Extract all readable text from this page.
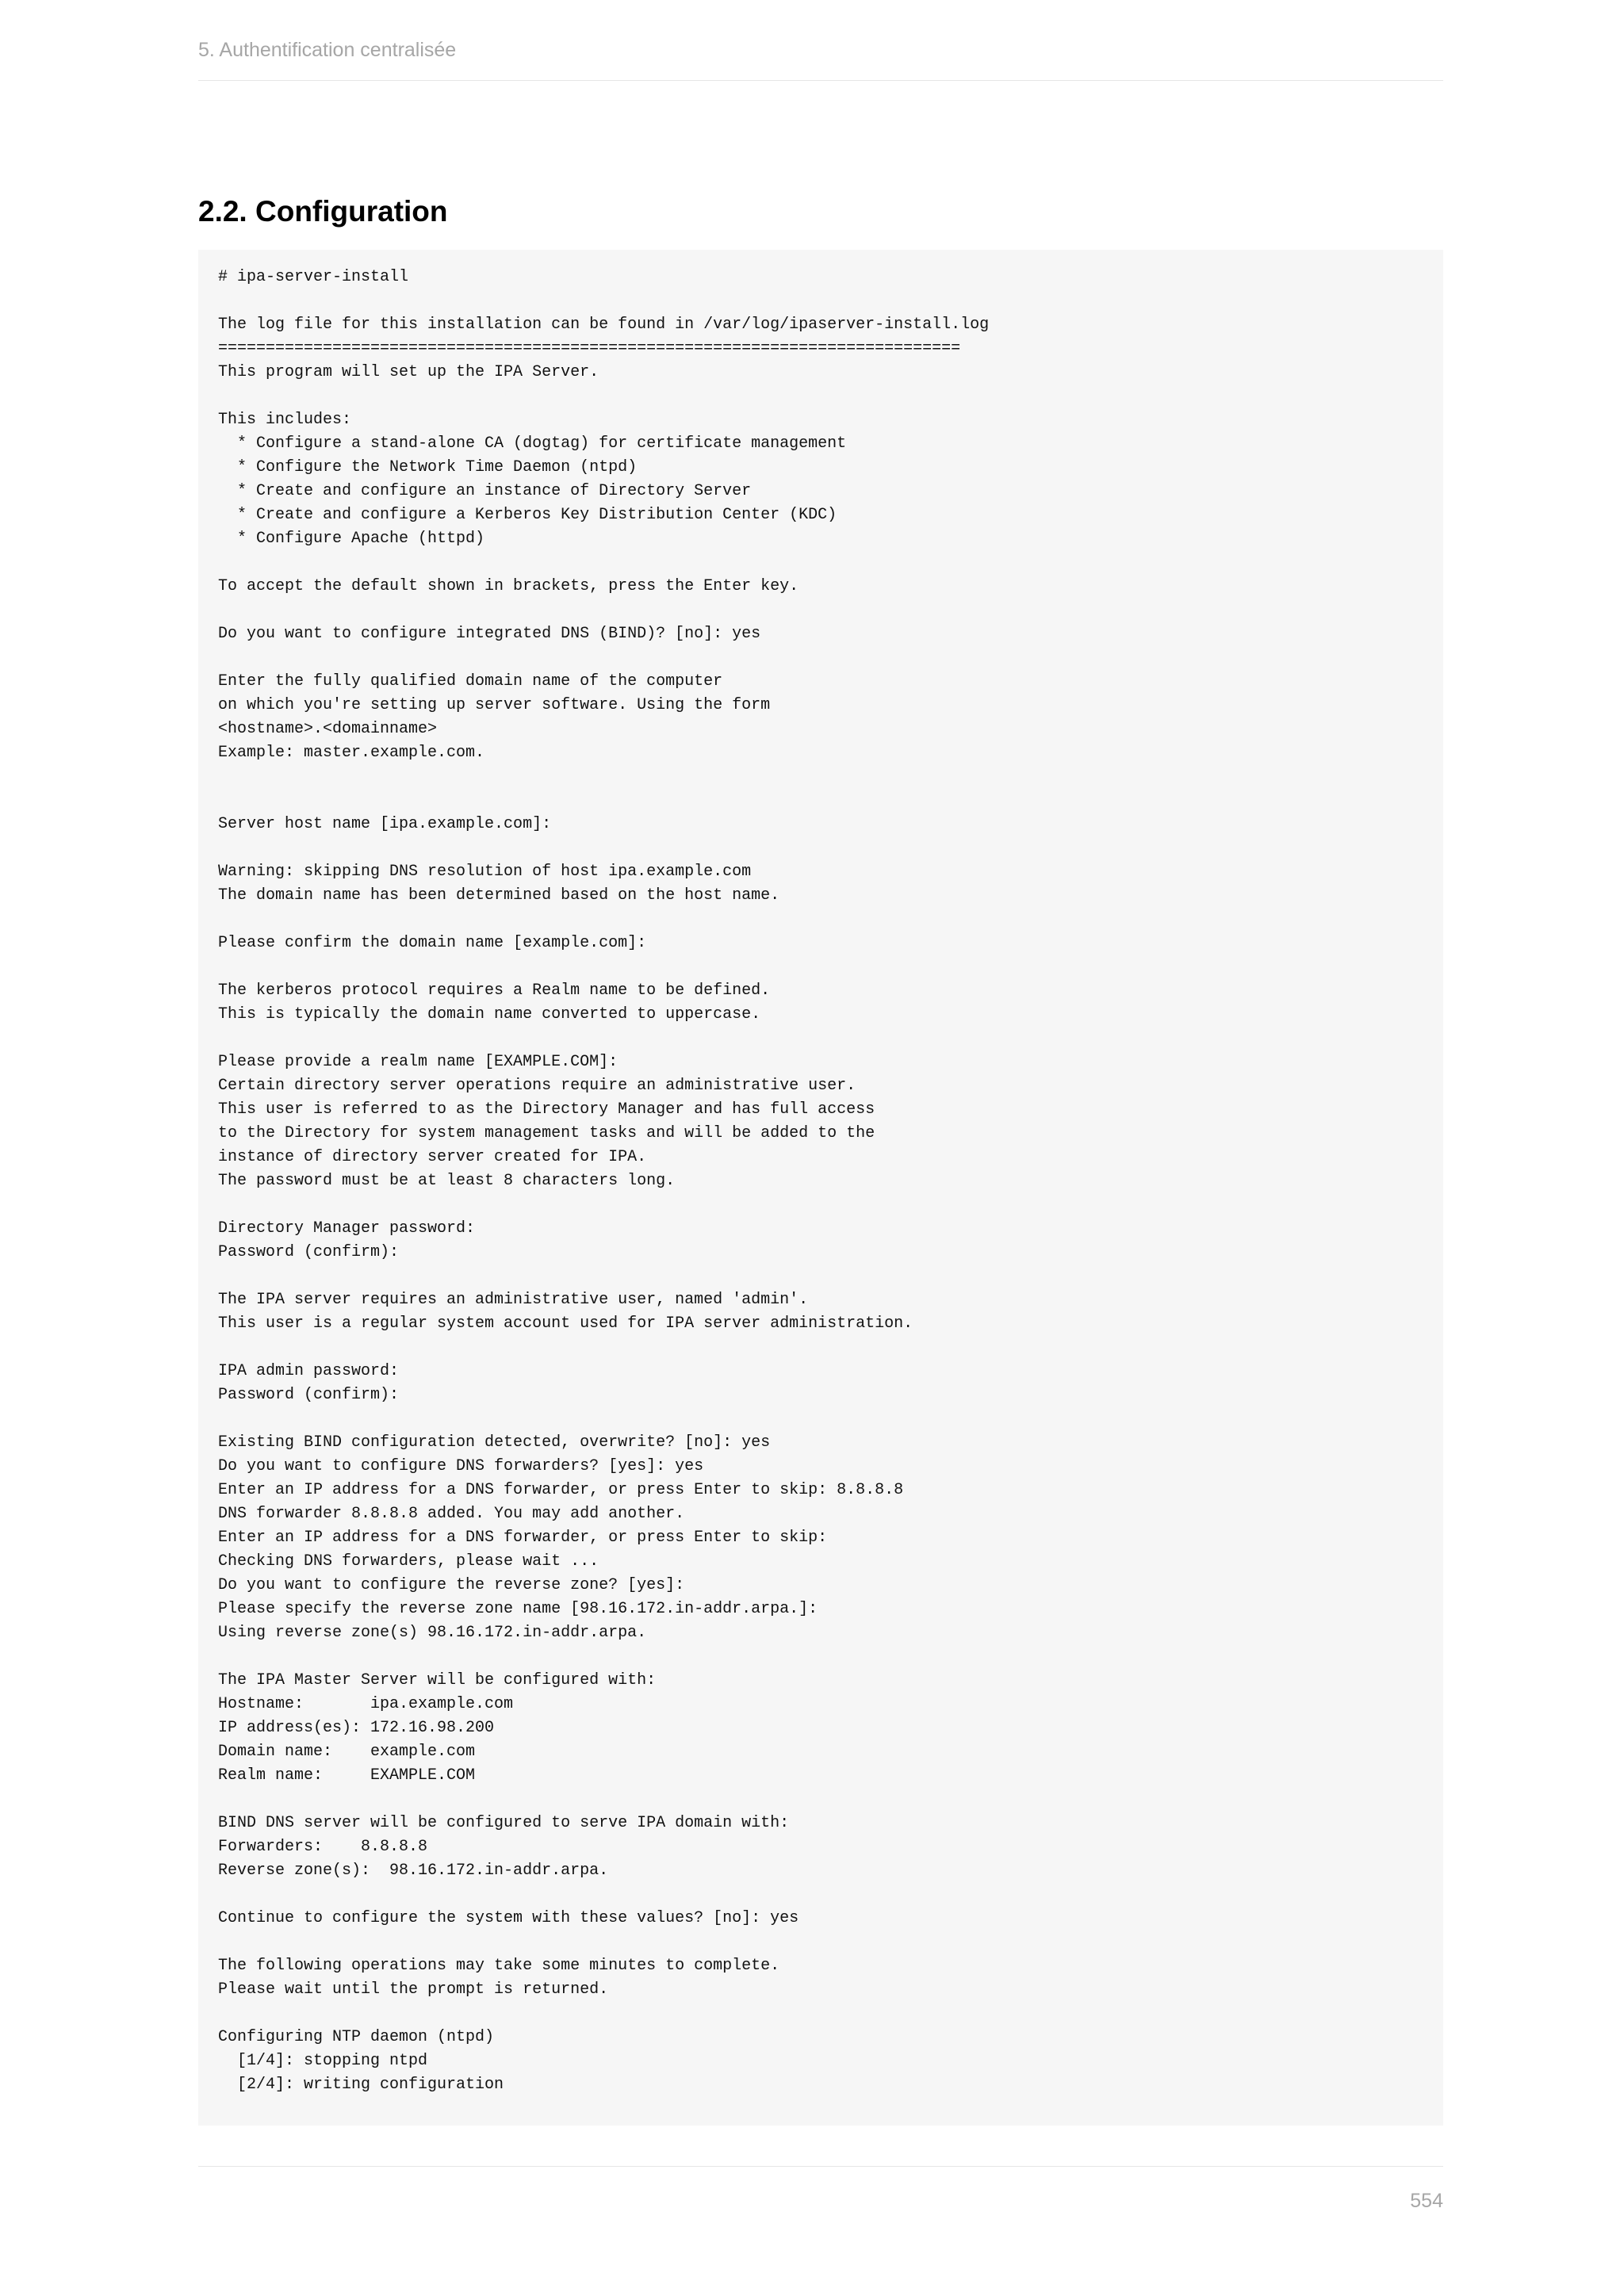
5. Authentification centralisée
2.2. Configuration
# ipa-server-install

The log file for this installation can be found in /var/log/ipaserver-install.log
==============================================================================
This program will set up the IPA Server.

This includes:
* Configure a stand-alone CA (dogtag) for certificate management
* Configure the Network Time Daemon (ntpd)
* Create and configure an instance of Directory Server
* Create and configure a Kerberos Key Distribution Center (KDC)
* Configure Apache (httpd)

To accept the default shown in brackets, press the Enter key.

Do you want to configure integrated DNS (BIND)? [no]: yes

Enter the fully qualified domain name of the computer
on which you're setting up server software. Using the form
<hostname>.<domainname>
Example: master.example.com.

Server host name [ipa.example.com]:

Warning: skipping DNS resolution of host ipa.example.com
The domain name has been determined based on the host name.

Please confirm the domain name [example.com]:

The kerberos protocol requires a Realm name to be defined.
This is typically the domain name converted to uppercase.

Please provide a realm name [EXAMPLE.COM]:
Certain directory server operations require an administrative user.
This user is referred to as the Directory Manager and has full access
to the Directory for system management tasks and will be added to the
instance of directory server created for IPA.
The password must be at least 8 characters long.

Directory Manager password:
Password (confirm):

The IPA server requires an administrative user, named 'admin'.
This user is a regular system account used for IPA server administration.

IPA admin password:
Password (confirm):

Existing BIND configuration detected, overwrite? [no]: yes
Do you want to configure DNS forwarders? [yes]: yes
Enter an IP address for a DNS forwarder, or press Enter to skip: 8.8.8.8
DNS forwarder 8.8.8.8 added. You may add another.
Enter an IP address for a DNS forwarder, or press Enter to skip:
Checking DNS forwarders, please wait ...
Do you want to configure the reverse zone? [yes]:
Please specify the reverse zone name [98.16.172.in-addr.arpa.]:
Using reverse zone(s) 98.16.172.in-addr.arpa.

The IPA Master Server will be configured with:
Hostname:       ipa.example.com
IP address(es): 172.16.98.200
Domain name:    example.com
Realm name:     EXAMPLE.COM

BIND DNS server will be configured to serve IPA domain with:
Forwarders:    8.8.8.8
Reverse zone(s):  98.16.172.in-addr.arpa.

Continue to configure the system with these values? [no]: yes

The following operations may take some minutes to complete.
Please wait until the prompt is returned.

Configuring NTP daemon (ntpd)
[1/4]: stopping ntpd
[2/4]: writing configuration
554
